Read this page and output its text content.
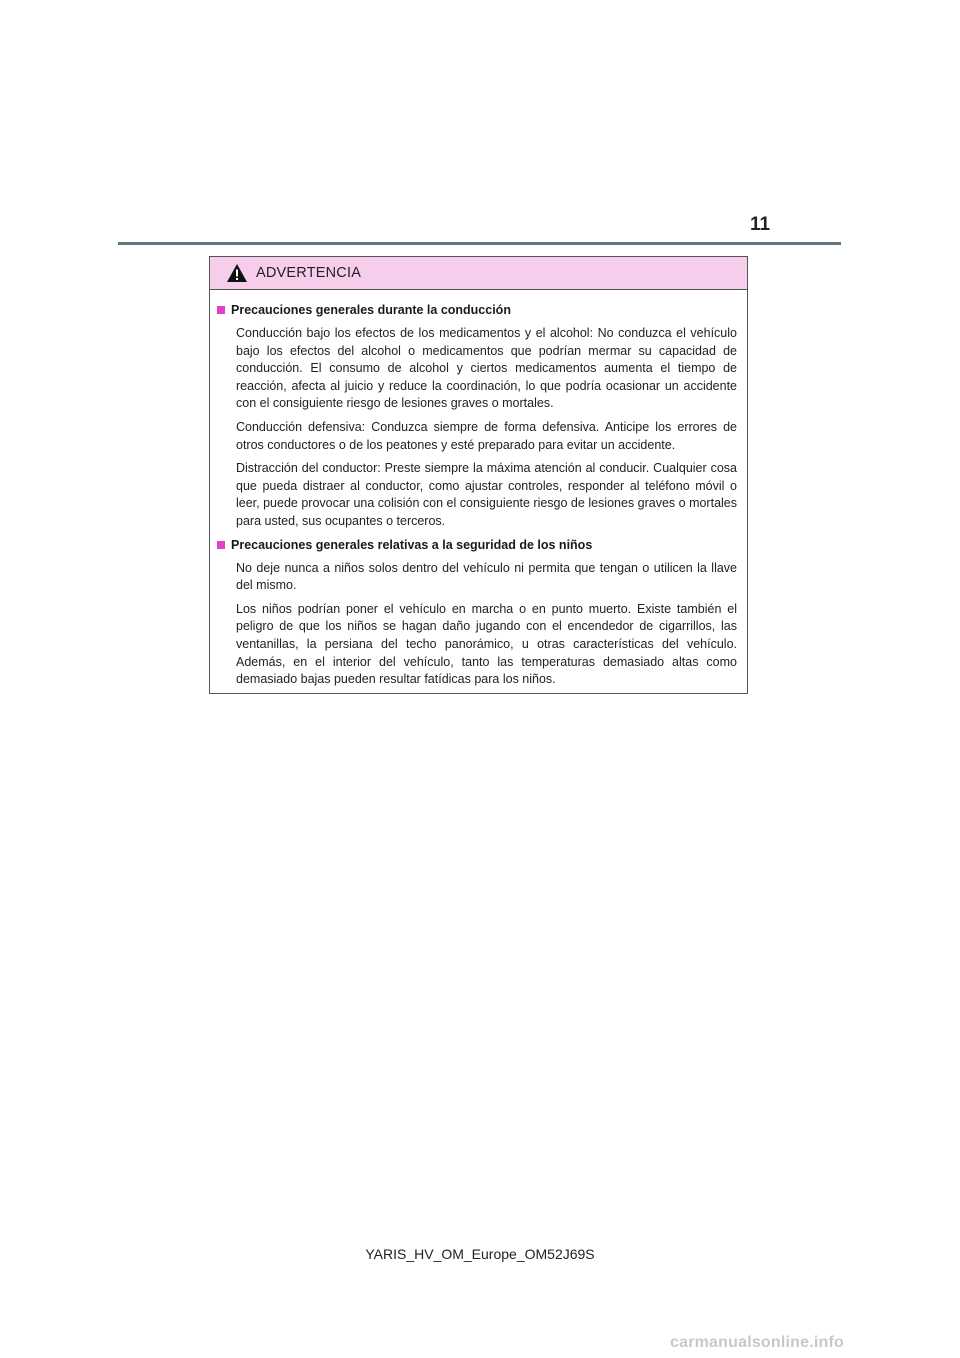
11
ADVERTENCIA
Precauciones generales durante la conducción

Conducción bajo los efectos de los medicamentos y el alcohol: No conduzca el vehículo bajo los efectos del alcohol o medicamentos que podrían mermar su capacidad de conducción. El consumo de alcohol y ciertos medicamentos aumenta el tiempo de reacción, afecta al juicio y reduce la coordinación, lo que podría ocasionar un accidente con el consiguiente riesgo de lesiones graves o mortales.

Conducción defensiva: Conduzca siempre de forma defensiva. Anticipe los errores de otros conductores o de los peatones y esté preparado para evitar un accidente.

Distracción del conductor: Preste siempre la máxima atención al conducir. Cualquier cosa que pueda distraer al conductor, como ajustar controles, responder al teléfono móvil o leer, puede provocar una colisión con el consiguiente riesgo de lesiones graves o mortales para usted, sus ocupantes o terceros.

Precauciones generales relativas a la seguridad de los niños

No deje nunca a niños solos dentro del vehículo ni permita que tengan o utilicen la llave del mismo.

Los niños podrían poner el vehículo en marcha o en punto muerto. Existe también el peligro de que los niños se hagan daño jugando con el encendedor de cigarrillos, las ventanillas, la persiana del techo panorámico, u otras características del vehículo. Además, en el interior del vehículo, tanto las temperaturas demasiado altas como demasiado bajas pueden resultar fatídicas para los niños.

YARIS_HV_OM_Europe_OM52J69S
carmanualsonline.info
